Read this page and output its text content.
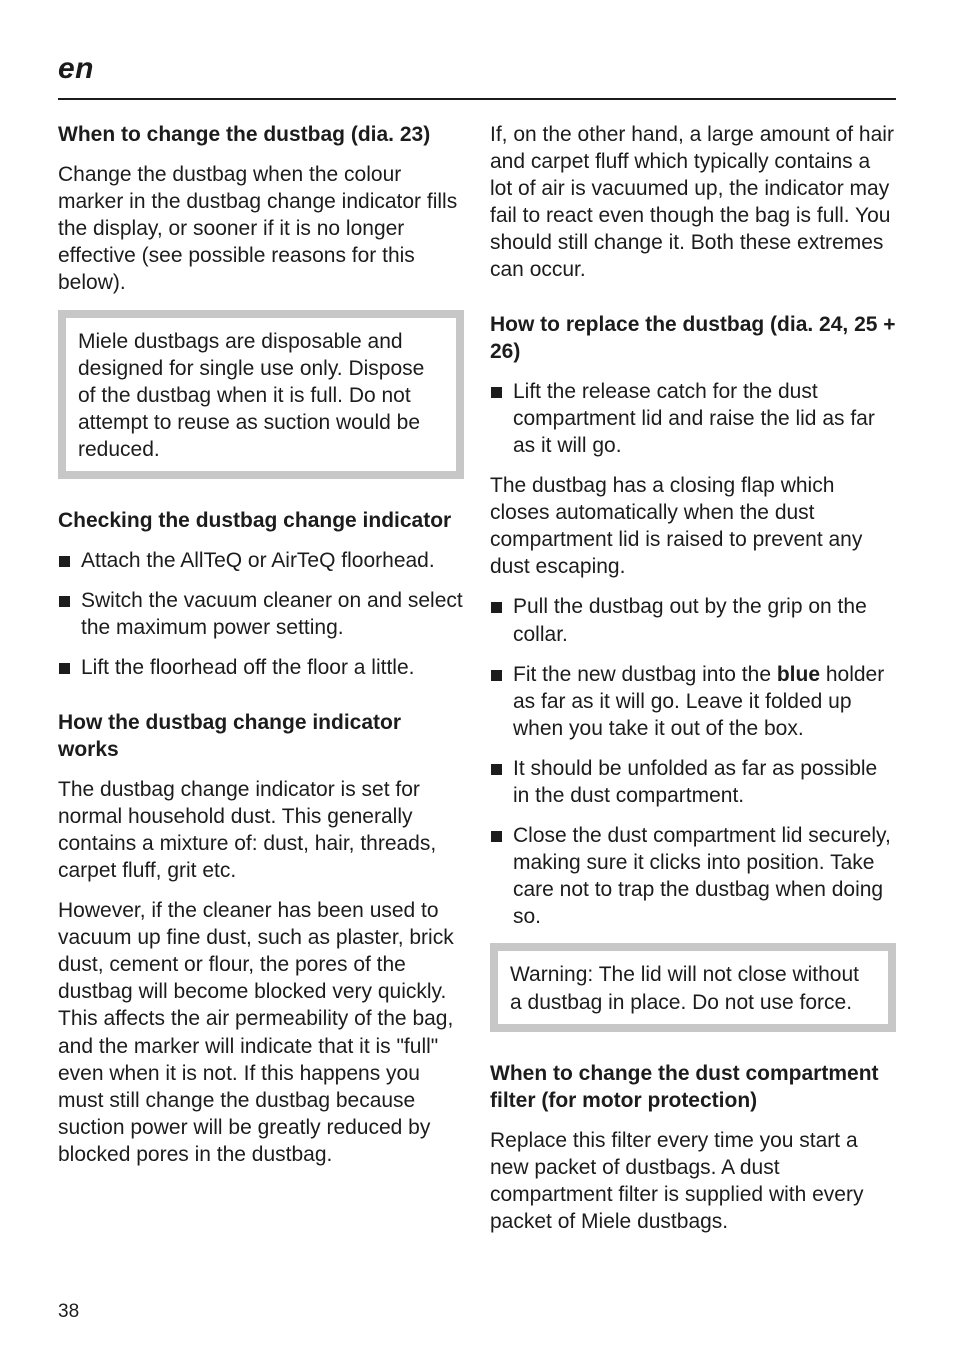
en
When to change the dustbag (dia. 23)

Change the dustbag when the colour marker in the dustbag change indicator fills the display, or sooner if it is no longer effective (see possible reasons for this below).

Miele dustbags are disposable and designed for single use only. Dispose of the dustbag when it is full. Do not attempt to reuse as suction would be reduced.

Checking the dustbag change indicator
Attach the AllTeQ or AirTeQ floorhead.
Switch the vacuum cleaner on and select the maximum power setting.
Lift the floorhead off the floor a little.
How the dustbag change indicator works

The dustbag change indicator is set for normal household dust. This generally contains a mixture of: dust, hair, threads, carpet fluff, grit etc.

However, if the cleaner has been used to vacuum up fine dust, such as plaster, brick dust, cement or flour, the pores of the dustbag will become blocked very quickly. This affects the air permeability of the bag, and the marker will indicate that it is "full" even when it is not. If this happens you must still change the dustbag because suction power will be greatly reduced by blocked pores in the dustbag.

If, on the other hand, a large amount of hair and carpet fluff which typically contains a lot of air is vacuumed up, the indicator may fail to react even though the bag is full. You should still change it. Both these extremes can occur.

How to replace the dustbag (dia. 24, 25 + 26)
Lift the release catch for the dust compartment lid and raise the lid as far as it will go.

The dustbag has a closing flap which closes automatically when the dust compartment lid is raised to prevent any dust escaping.

Pull the dustbag out by the grip on the collar.
Fit the new dustbag into the blue holder as far as it will go. Leave it folded up when you take it out of the box.
It should be unfolded as far as possible in the dust compartment.
Close the dust compartment lid securely, making sure it clicks into position. Take care not to trap the dustbag when doing so.

Warning: The lid will not close without a dustbag in place. Do not use force.

When to change the dust compartment filter (for motor protection)

Replace this filter every time you start a new packet of dustbags. A dust compartment filter is supplied with every packet of Miele dustbags.

38
